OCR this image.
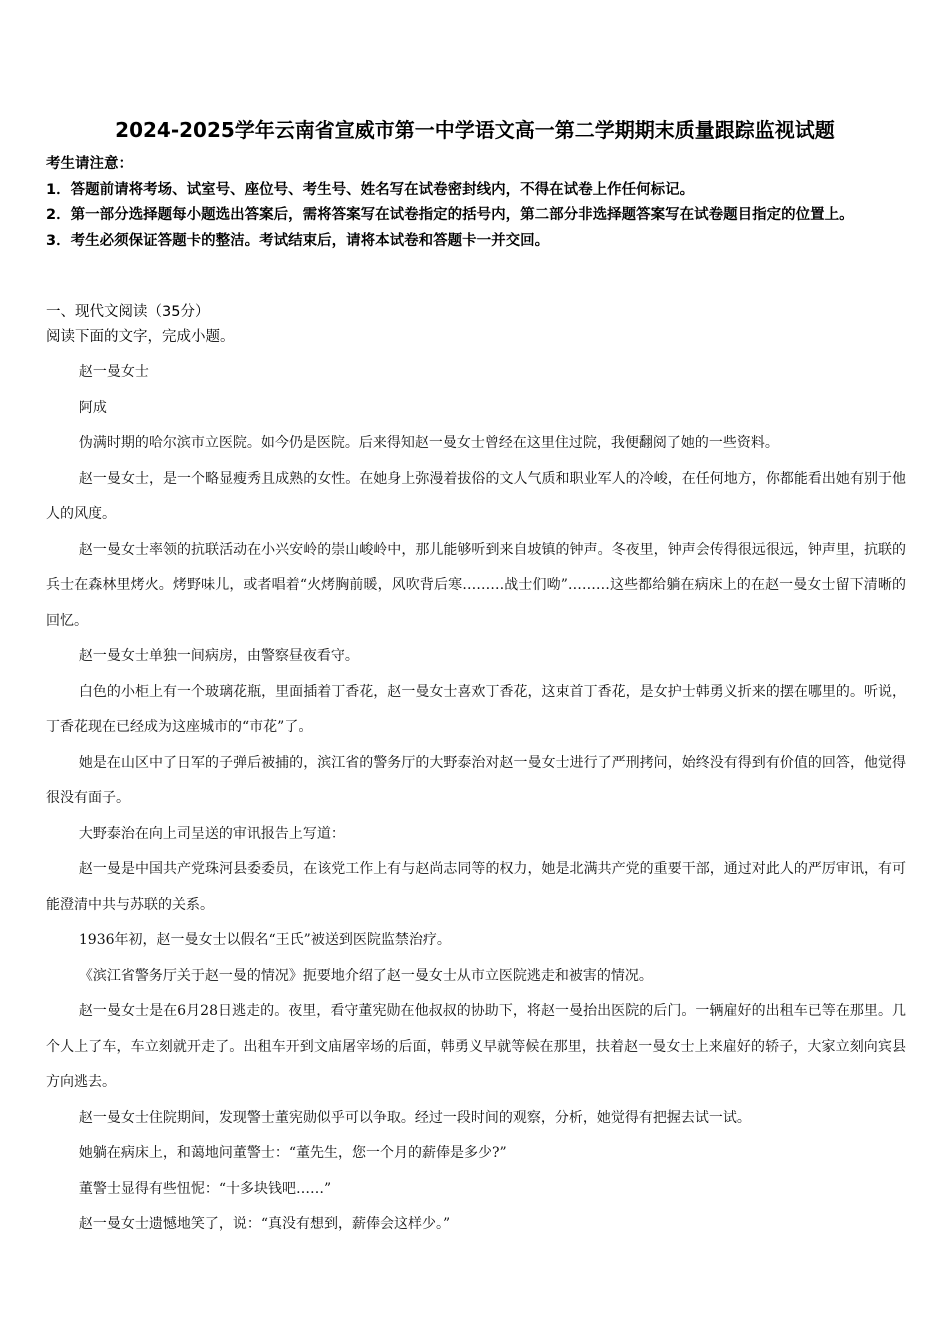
2024-2025学年云南省宣威市第一中学语文高一第二学期期末质量跟踪监视试题

考生请注意：

1．答题前请将考场、试室号、座位号、考生号、姓名写在试卷密封线内，不得在试卷上作任何标记。

2．第一部分选择题每小题选出答案后，需将答案写在试卷指定的括号内，第二部分非选择题答案写在试卷题目指定的位置上。

3．考生必须保证答题卡的整洁。考试结束后，请将本试卷和答题卡一并交回。

一、现代文阅读（35分）

阅读下面的文字，完成小题。

赵一曼女士

阿成

伪满时期的哈尔滨市立医院。如今仍是医院。后来得知赵一曼女士曾经在这里住过院，我便翻阅了她的一些资料。

赵一曼女士，是一个略显瘦秀且成熟的女性。在她身上弥漫着拔俗的文人气质和职业军人的冷峻，在任何地方，你都能看出她有别于他人的风度。

赵一曼女士率领的抗联活动在小兴安岭的崇山峻岭中，那儿能够听到来自坡镇的钟声。冬夜里，钟声会传得很远很远，钟声里，抗联的兵士在森林里烤火。烤野味儿，或者唱着“火烤胸前暖，风吹背后寒………战士们呦”………这些都给躺在病床上的在赵一曼女士留下清晰的回忆。

赵一曼女士单独一间病房，由警察昼夜看守。

白色的小柜上有一个玻璃花瓶，里面插着丁香花，赵一曼女士喜欢丁香花，这束首丁香花，是女护士韩勇义折来的摆在哪里的。听说，丁香花现在已经成为这座城市的“市花”了。

她是在山区中了日军的子弹后被捕的，滨江省的警务厅的大野泰治对赵一曼女士进行了严刑拷问，始终没有得到有价值的回答，他觉得很没有面子。

大野泰治在向上司呈送的审讯报告上写道：

赵一曼是中国共产党珠河县委委员，在该党工作上有与赵尚志同等的权力，她是北满共产党的重要干部，通过对此人的严厉审讯，有可能澄清中共与苏联的关系。

1936年初，赵一曼女士以假名“王氏”被送到医院监禁治疗。

《滨江省警务厅关于赵一曼的情况》扼要地介绍了赵一曼女士从市立医院逃走和被害的情况。

赵一曼女士是在6月28日逃走的。夜里，看守董宪勋在他叔叔的协助下，将赵一曼抬出医院的后门。一辆雇好的出租车已等在那里。几个人上了车，车立刻就开走了。出租车开到文庙屠宰场的后面，韩勇义早就等候在那里，扶着赵一曼女士上来雇好的轿子，大家立刻向宾县方向逃去。

赵一曼女士住院期间，发现警士董宪勋似乎可以争取。经过一段时间的观察，分析，她觉得有把握去试一试。

她躺在病床上，和蔼地问董警士：“董先生，您一个月的薪俸是多少?”

董警士显得有些忸怩：“十多块钱吧……”

赵一曼女士遗憾地笑了，说：“真没有想到，薪俸会这样少。”
